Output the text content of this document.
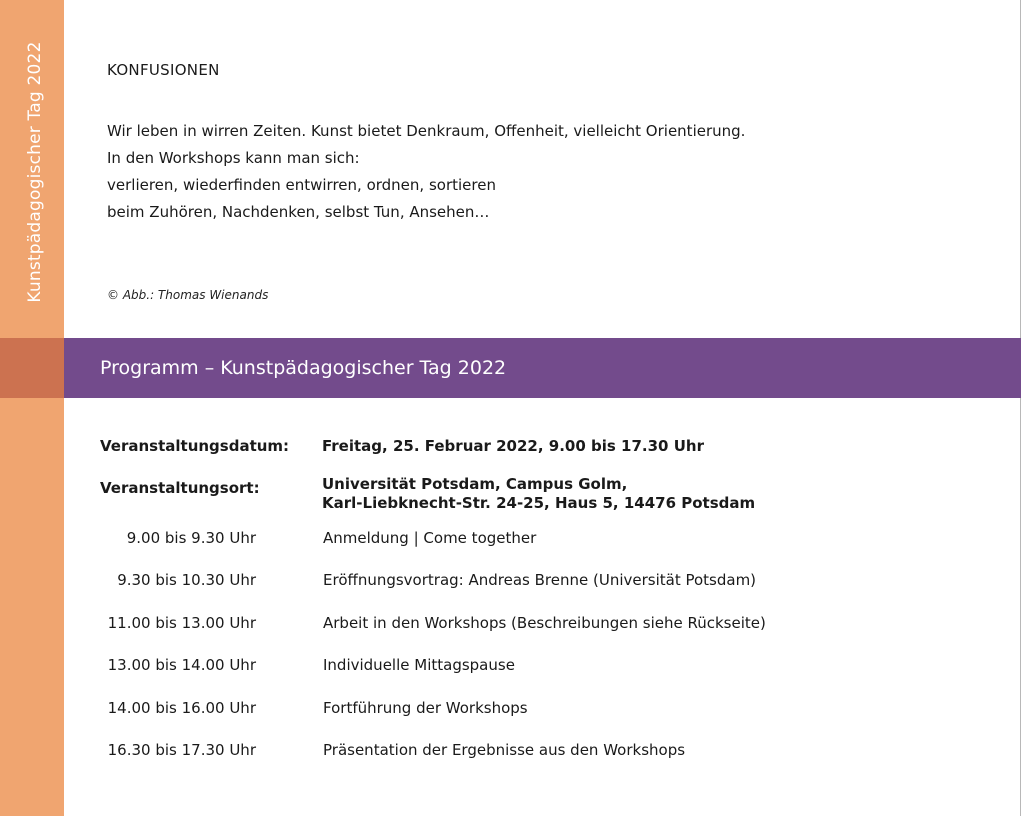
Kunstpädagogischer Tag 2022	KONFUSIONEN
Wir leben in wirren Zeiten. Kunst bietet Denkraum, Offenheit, vielleicht Orientierung.
In den Workshops kann man sich:
verlieren, wiederfinden entwirren, ordnen, sortieren
beim Zuhören, Nachdenken, selbst Tun, Ansehen…
© Abb.: Thomas Wienands
Programm – Kunstpädagogischer Tag 2022
Veranstaltungsdatum: Freitag, 25. Februar 2022, 9.00 bis 17.30 Uhr
Veranstaltungsort:	Universität Potsdam, Campus Golm,
Karl-Liebknecht-Str. 24-25, Haus 5, 14476 Potsdam
9.00 bis 9.30 Uhr	Anmeldung | Come together
9.30 bis 10.30 Uhr	Eröffnungsvortrag: Andreas Brenne (Universität Potsdam)
11.00 bis 13.00 Uhr	Arbeit in den Workshops (Beschreibungen siehe Rückseite)
13.00 bis 14.00 Uhr	Individuelle Mittagspause
14.00 bis 16.00 Uhr	Fortführung der Workshops
16.30 bis 17.30 Uhr	Präsentation der Ergebnisse aus den Workshops
